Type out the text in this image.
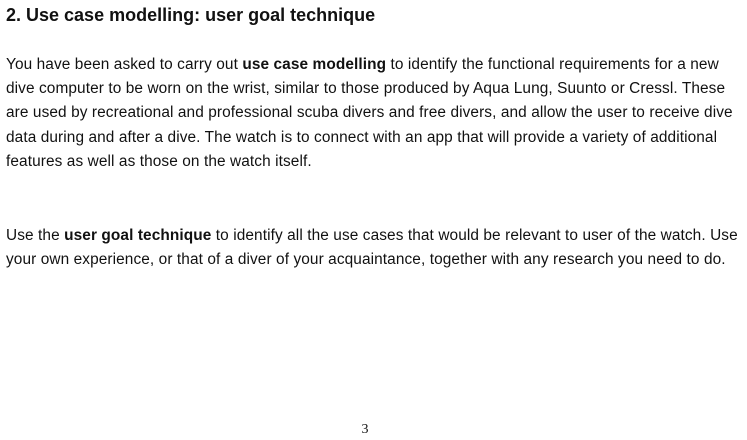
2. Use case modelling: user goal technique

You have been asked to carry out use case modelling to identify the functional requirements for a new dive computer to be worn on the wrist, similar to those produced by Aqua Lung, Suunto or Cressl. These are used by recreational and professional scuba divers and free divers, and allow the user to receive dive data during and after a dive. The watch is to connect with an app that will provide a variety of additional features as well as those on the watch itself.

Use the user goal technique to identify all the use cases that would be relevant to user of the watch. Use your own experience, or that of a diver of your acquaintance, together with any research you need to do.

3
